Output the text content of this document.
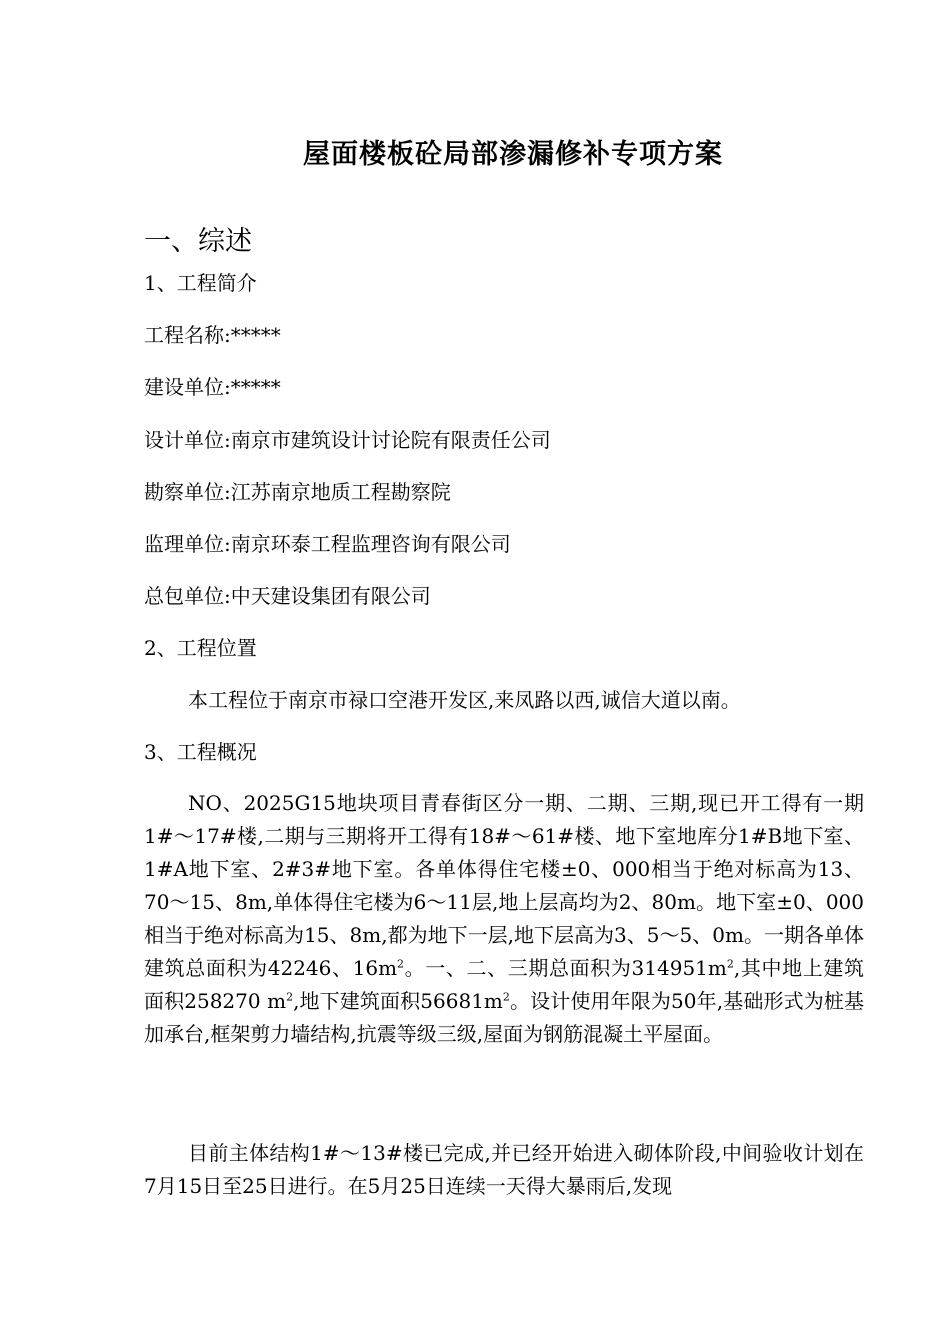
屋面楼板砼局部渗漏修补专项方案
一、综述
1、工程简介
工程名称:*****
建设单位:*****
设计单位:南京市建筑设计讨论院有限责任公司
勘察单位:江苏南京地质工程勘察院
监理单位:南京环泰工程监理咨询有限公司
总包单位:中天建设集团有限公司
2、工程位置
本工程位于南京市禄口空港开发区,来凤路以西,诚信大道以南。
3、工程概况

NO、2025G15地块项目青春街区分一期、二期、三期,现已开工得有一期1#～17#楼,二期与三期将开工得有18#～61#楼、地下室地库分1#B地下室、1#A地下室、2#3#地下室。各单体得住宅楼±0、000相当于绝对标高为13、70～15、8m,单体得住宅楼为6～11层,地上层高均为2、80m。地下室±0、000相当于绝对标高为15、8m,都为地下一层,地下层高为3、5～5、0m。一期各单体建筑总面积为42246、$16m^2$。一、二、三期总面积为$314951m^2$,其中地上建筑面积258270 $m^2$,地下建筑面积$56681m^2$。设计使用年限为50年,基础形式为桩基加承台,框架剪力墙结构,抗震等级三级,屋面为钢筋混凝土平屋面。

目前主体结构1#～13#楼已完成,并已经开始进入砌体阶段,中间验收计划在7月15日至25日进行。在5月25日连续一天得大暴雨后,发现
